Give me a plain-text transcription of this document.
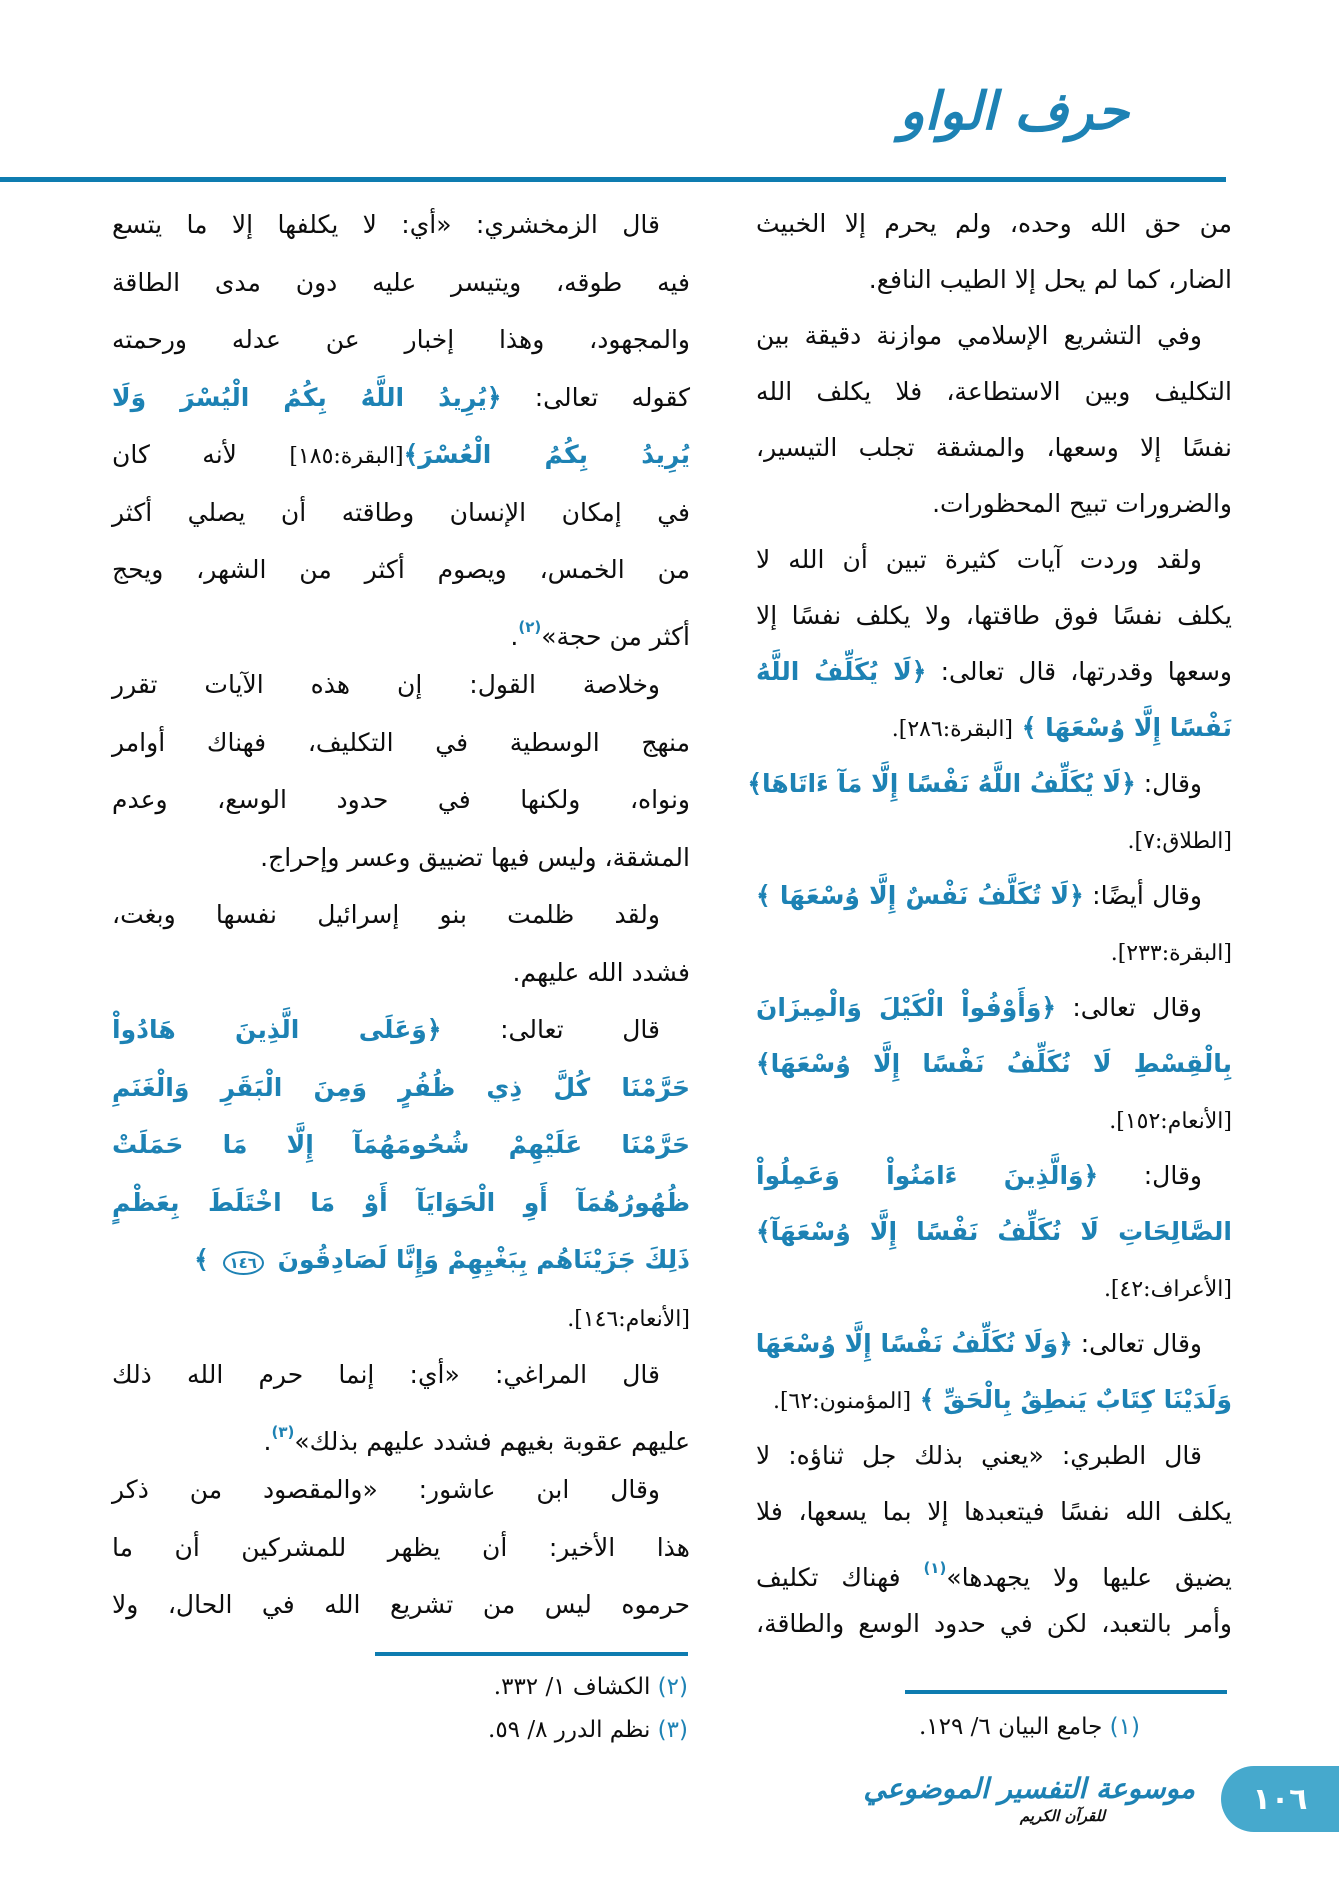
حرف الواو
من حق الله وحده، ولم يحرم إلا الخبيث
الضار، كما لم يحل إلا الطيب النافع.
وفي التشريع الإسلامي موازنة دقيقة بين
التكليف وبين الاستطاعة، فلا يكلف الله
نفسًا إلا وسعها، والمشقة تجلب التيسير،
والضرورات تبيح المحظورات.
ولقد وردت آيات كثيرة تبين أن الله لا
يكلف نفسًا فوق طاقتها، ولا يكلف نفسًا إلا
وسعها وقدرتها، قال تعالى: ﴿لَا يُكَلِّفُ اللَّهُ
نَفْسًا إِلَّا وُسْعَهَا ﴾ [البقرة:٢٨٦].
وقال: ﴿لَا يُكَلِّفُ اللَّهُ نَفْسًا إِلَّا مَآ ءَاتَاهَا﴾
[الطلاق:٧].
وقال أيضًا: ﴿لَا تُكَلَّفُ نَفْسٌ إِلَّا وُسْعَهَا ﴾
[البقرة:٢٣٣].
وقال تعالى: ﴿وَأَوْفُواْ الْكَيْلَ وَالْمِيزَانَ
بِالْقِسْطِ لَا نُكَلِّفُ نَفْسًا إِلَّا وُسْعَهَا﴾
[الأنعام:١٥٢].
وقال: ﴿وَالَّذِينَ ءَامَنُواْ وَعَمِلُواْ
الصَّالِحَاتِ لَا نُكَلِّفُ نَفْسًا إِلَّا وُسْعَهَآ﴾
[الأعراف:٤٢].
وقال تعالى: ﴿وَلَا نُكَلِّفُ نَفْسًا إِلَّا وُسْعَهَا
وَلَدَيْنَا كِتَابٌ يَنطِقُ بِالْحَقِّ ﴾ [المؤمنون:٦٢].
قال الطبري: «يعني بذلك جل ثناؤه: لا
يكلف الله نفسًا فيتعبدها إلا بما يسعها، فلا
يضيق عليها ولا يجهدها»$^{(١)}$ فهناك تكليف
وأمر بالتعبد، لكن في حدود الوسع والطاقة،
قال الزمخشري: «أي: لا يكلفها إلا ما يتسع
فيه طوقه، ويتيسر عليه دون مدى الطاقة
والمجهود، وهذا إخبار عن عدله ورحمته
كقوله تعالى: ﴿يُرِيدُ اللَّهُ بِكُمُ الْيُسْرَ وَلَا
يُرِيدُ بِكُمُ الْعُسْرَ﴾[البقرة:١٨٥] لأنه كان
في إمكان الإنسان وطاقته أن يصلي أكثر
من الخمس، ويصوم أكثر من الشهر، ويحج
أكثر من حجة»$^{(٢)}$.
وخلاصة القول: إن هذه الآيات تقرر
منهج الوسطية في التكليف، فهناك أوامر
ونواه، ولكنها في حدود الوسع، وعدم
المشقة، وليس فيها تضييق وعسر وإحراج.
ولقد ظلمت بنو إسرائيل نفسها وبغت،
فشدد الله عليهم.
قال تعالى: ﴿وَعَلَى الَّذِينَ هَادُواْ
حَرَّمْنَا كُلَّ ذِي ظُفُرٍ وَمِنَ الْبَقَرِ وَالْغَنَمِ
حَرَّمْنَا عَلَيْهِمْ شُحُومَهُمَآ إِلَّا مَا حَمَلَتْ
ظُهُورُهُمَآ أَوِ الْحَوَايَآ أَوْ مَا اخْتَلَطَ بِعَظْمٍ
ذَلِكَ جَزَيْنَاهُم بِبَغْيِهِمْ وَإِنَّا لَصَادِقُونَ ١٤٦ ﴾
[الأنعام:١٤٦].
قال المراغي: «أي: إنما حرم الله ذلك
عليهم عقوبة بغيهم فشدد عليهم بذلك»$^{(٣)}$.
وقال ابن عاشور: «والمقصود من ذكر
هذا الأخير: أن يظهر للمشركين أن ما
حرموه ليس من تشريع الله في الحال، ولا
(٢) الكشاف ١/ ٣٣٢.
(٣) نظم الدرر ٨/ ٥٩.	(١) جامع البيان ٦/ ١٢٩.
موسوعة التفسير الموضوعي
للقرآن الكريم	١٠٦
